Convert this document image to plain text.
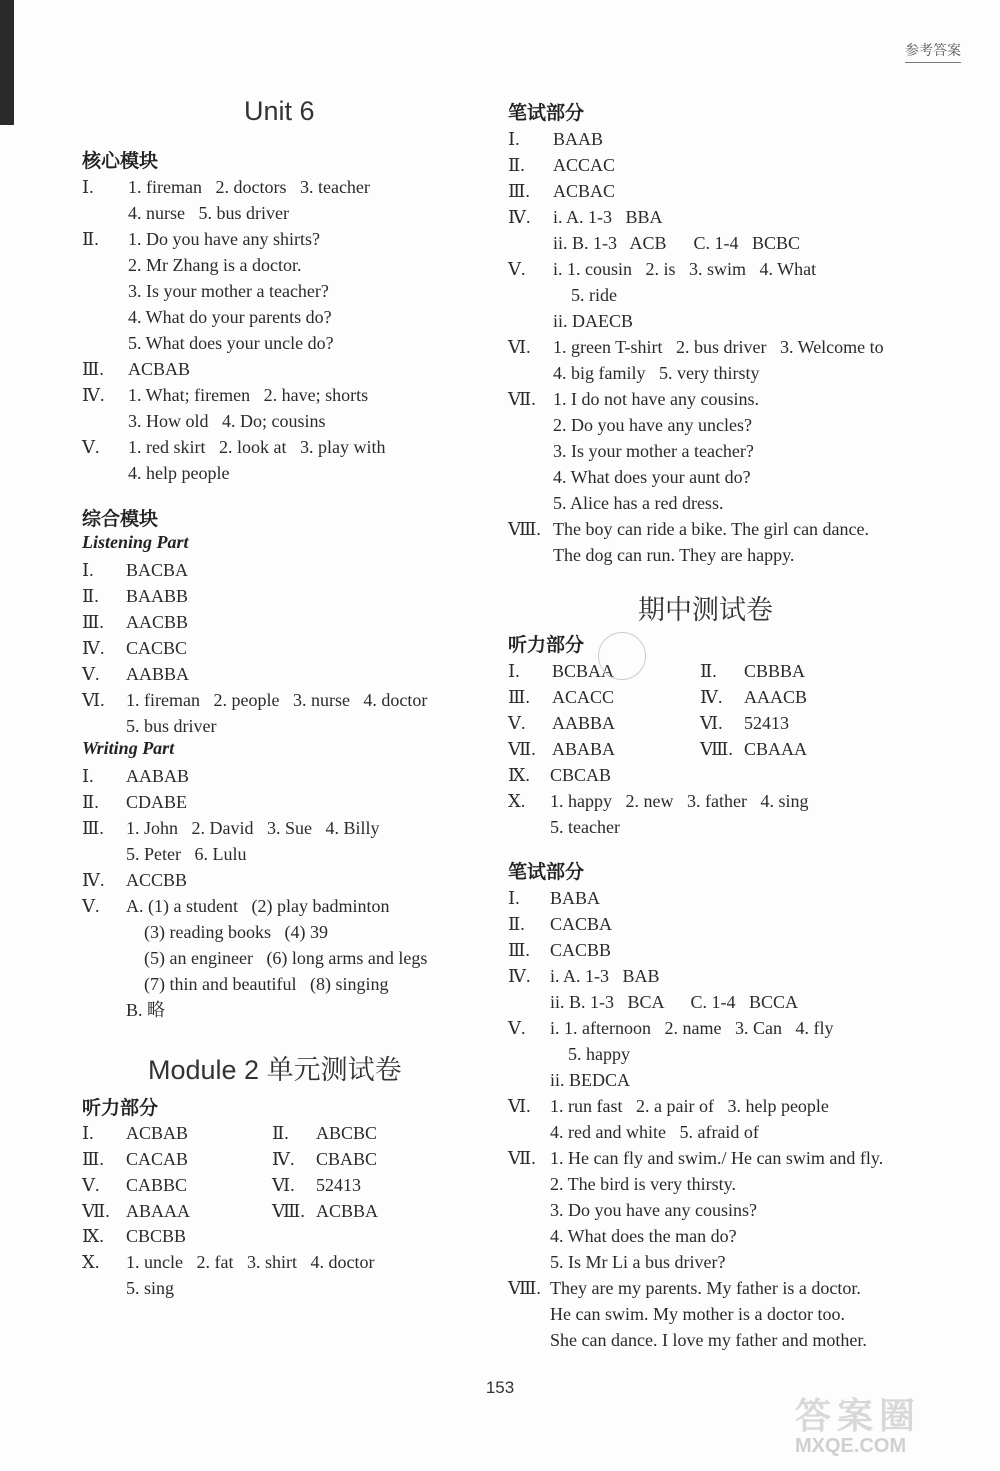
参考答案
Unit 6
核心模块
Ⅰ. 1. fireman   2. doctors   3. teacher
4. nurse   5. bus driver
Ⅱ. 1. Do you have any shirts?
2. Mr Zhang is a doctor.
3. Is your mother a teacher?
4. What do your parents do?
5. What does your uncle do?
Ⅲ. ACBAB
Ⅳ. 1. What; firemen   2. have; shorts
3. How old   4. Do; cousins
Ⅴ. 1. red skirt   2. look at   3. play with
4. help people
综合模块
Listening Part
Ⅰ. BACBA
Ⅱ. BAABB
Ⅲ. AACBB
Ⅳ. CACBC
Ⅴ. AABBA
Ⅵ. 1. fireman   2. people   3. nurse   4. doctor
5. bus driver
Writing Part
Ⅰ. AABAB
Ⅱ. CDABE
Ⅲ. 1. John   2. David   3. Sue   4. Billy
5. Peter   6. Lulu
Ⅳ. ACCBB
Ⅴ. A. (1) a student   (2) play badminton
(3) reading books   (4) 39
(5) an engineer   (6) long arms and legs
(7) thin and beautiful   (8) singing
B. 略
Module 2 单元测试卷
听力部分
Ⅰ. ACBAB	Ⅱ. ABCBC
Ⅲ. CACAB	Ⅳ. CBABC
Ⅴ. CABBC	Ⅵ. 52413
Ⅶ. ABAAA	Ⅷ. ACBBA
Ⅸ. CBCBB
Ⅹ. 1. uncle   2. fat   3. shirt   4. doctor
5. sing
笔试部分
Ⅰ. BAAB
Ⅱ. ACCAC
Ⅲ. ACBAC
Ⅳ. i. A. 1-3   BBA
ii. B. 1-3   ACB      C. 1-4   BCBC
Ⅴ. i. 1. cousin   2. is   3. swim   4. What
5. ride
ii. DAECB
Ⅵ. 1. green T-shirt   2. bus driver   3. Welcome to
4. big family   5. very thirsty
Ⅶ. 1. I do not have any cousins.
2. Do you have any uncles?
3. Is your mother a teacher?
4. What does your aunt do?
5. Alice has a red dress.
Ⅷ. The boy can ride a bike. The girl can dance.
The dog can run. They are happy.
期中测试卷
听力部分
Ⅰ. BCBAA	Ⅱ. CBBBA
Ⅲ. ACACC	Ⅳ. AAACB
Ⅴ. AABBA	Ⅵ. 52413
Ⅶ. ABABA	Ⅷ. CBAAA
Ⅸ. CBCAB
Ⅹ. 1. happy   2. new   3. father   4. sing
5. teacher
笔试部分
Ⅰ. BABA
Ⅱ. CACBA
Ⅲ. CACBB
Ⅳ. i. A. 1-3   BAB
ii. B. 1-3   BCA      C. 1-4   BCCA
Ⅴ. i. 1. afternoon   2. name   3. Can   4. fly
5. happy
ii. BEDCA
Ⅵ. 1. run fast   2. a pair of   3. help people
4. red and white   5. afraid of
Ⅶ. 1. He can fly and swim./ He can swim and fly.
2. The bird is very thirsty.
3. Do you have any cousins?
4. What does the man do?
5. Is Mr Li a bus driver?
Ⅷ. They are my parents. My father is a doctor.
He can swim. My mother is a doctor too.
She can dance. I love my father and mother.
153
答案圈
MXQE.COM
